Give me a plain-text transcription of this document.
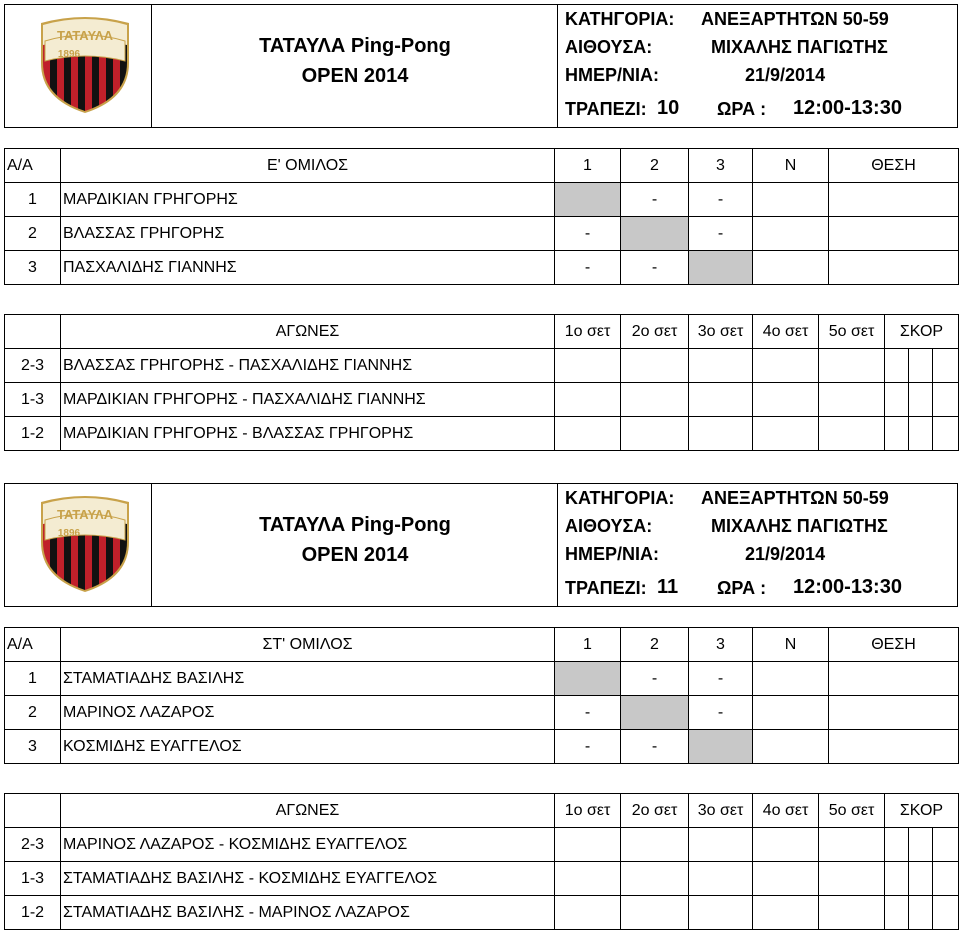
ΤΑΤΑΥΛΑ
1896	ΤΑΤΑΥΛΑ Ping-Pong
OPEN 2014
ΚΑΤΗΓΟΡΙΑ: ΑΝΕΞΑΡΤΗΤΩΝ 50-59
ΑΙΘΟΥΣΑ:	ΜΙΧΑΛΗΣ ΠΑΓΙΩΤΗΣ
ΗΜΕΡ/ΝΙΑ:	21/9/2014
ΤΡΑΠΕΖΙ: 10 ΩΡΑ : 12:00-13:30
Α/Α	Ε' ΟΜΙΛΟΣ	1	2	3	Ν	ΘΕΣΗ
1	ΜΑΡΔΙΚΙΑΝ ΓΡΗΓΟΡΗΣ		-	-		
2	ΒΛΑΣΣΑΣ ΓΡΗΓΟΡΗΣ	-		-		
3	ΠΑΣΧΑΛΙΔΗΣ ΓΙΑΝΝΗΣ	-	-			
	ΑΓΩΝΕΣ	1ο σετ	2ο σετ	3ο σετ	4ο σετ	5ο σετ	ΣΚΟΡ		
2-3	ΒΛΑΣΣΑΣ ΓΡΗΓΟΡΗΣ - ΠΑΣΧΑΛΙΔΗΣ ΓΙΑΝΝΗΣ								
1-3	ΜΑΡΔΙΚΙΑΝ ΓΡΗΓΟΡΗΣ - ΠΑΣΧΑΛΙΔΗΣ ΓΙΑΝΝΗΣ								
1-2	ΜΑΡΔΙΚΙΑΝ ΓΡΗΓΟΡΗΣ - ΒΛΑΣΣΑΣ ΓΡΗΓΟΡΗΣ								
ΤΑΤΑΥΛΑ
1896	ΤΑΤΑΥΛΑ Ping-Pong
OPEN 2014
ΚΑΤΗΓΟΡΙΑ: ΑΝΕΞΑΡΤΗΤΩΝ 50-59
ΑΙΘΟΥΣΑ:	ΜΙΧΑΛΗΣ ΠΑΓΙΩΤΗΣ
ΗΜΕΡ/ΝΙΑ:	21/9/2014
ΤΡΑΠΕΖΙ: 11 ΩΡΑ : 12:00-13:30
Α/Α	ΣΤ' ΟΜΙΛΟΣ	1	2	3	Ν	ΘΕΣΗ
1	ΣΤΑΜΑΤΙΑΔΗΣ ΒΑΣΙΛΗΣ		-	-		
2	ΜΑΡΙΝΟΣ ΛΑΖΑΡΟΣ	-		-		
3	ΚΟΣΜΙΔΗΣ ΕΥΑΓΓΕΛΟΣ	-	-			
	ΑΓΩΝΕΣ	1ο σετ	2ο σετ	3ο σετ	4ο σετ	5ο σετ	ΣΚΟΡ		
2-3	ΜΑΡΙΝΟΣ ΛΑΖΑΡΟΣ - ΚΟΣΜΙΔΗΣ ΕΥΑΓΓΕΛΟΣ								
1-3	ΣΤΑΜΑΤΙΑΔΗΣ ΒΑΣΙΛΗΣ - ΚΟΣΜΙΔΗΣ ΕΥΑΓΓΕΛΟΣ								
1-2	ΣΤΑΜΑΤΙΑΔΗΣ ΒΑΣΙΛΗΣ - ΜΑΡΙΝΟΣ ΛΑΖΑΡΟΣ								
